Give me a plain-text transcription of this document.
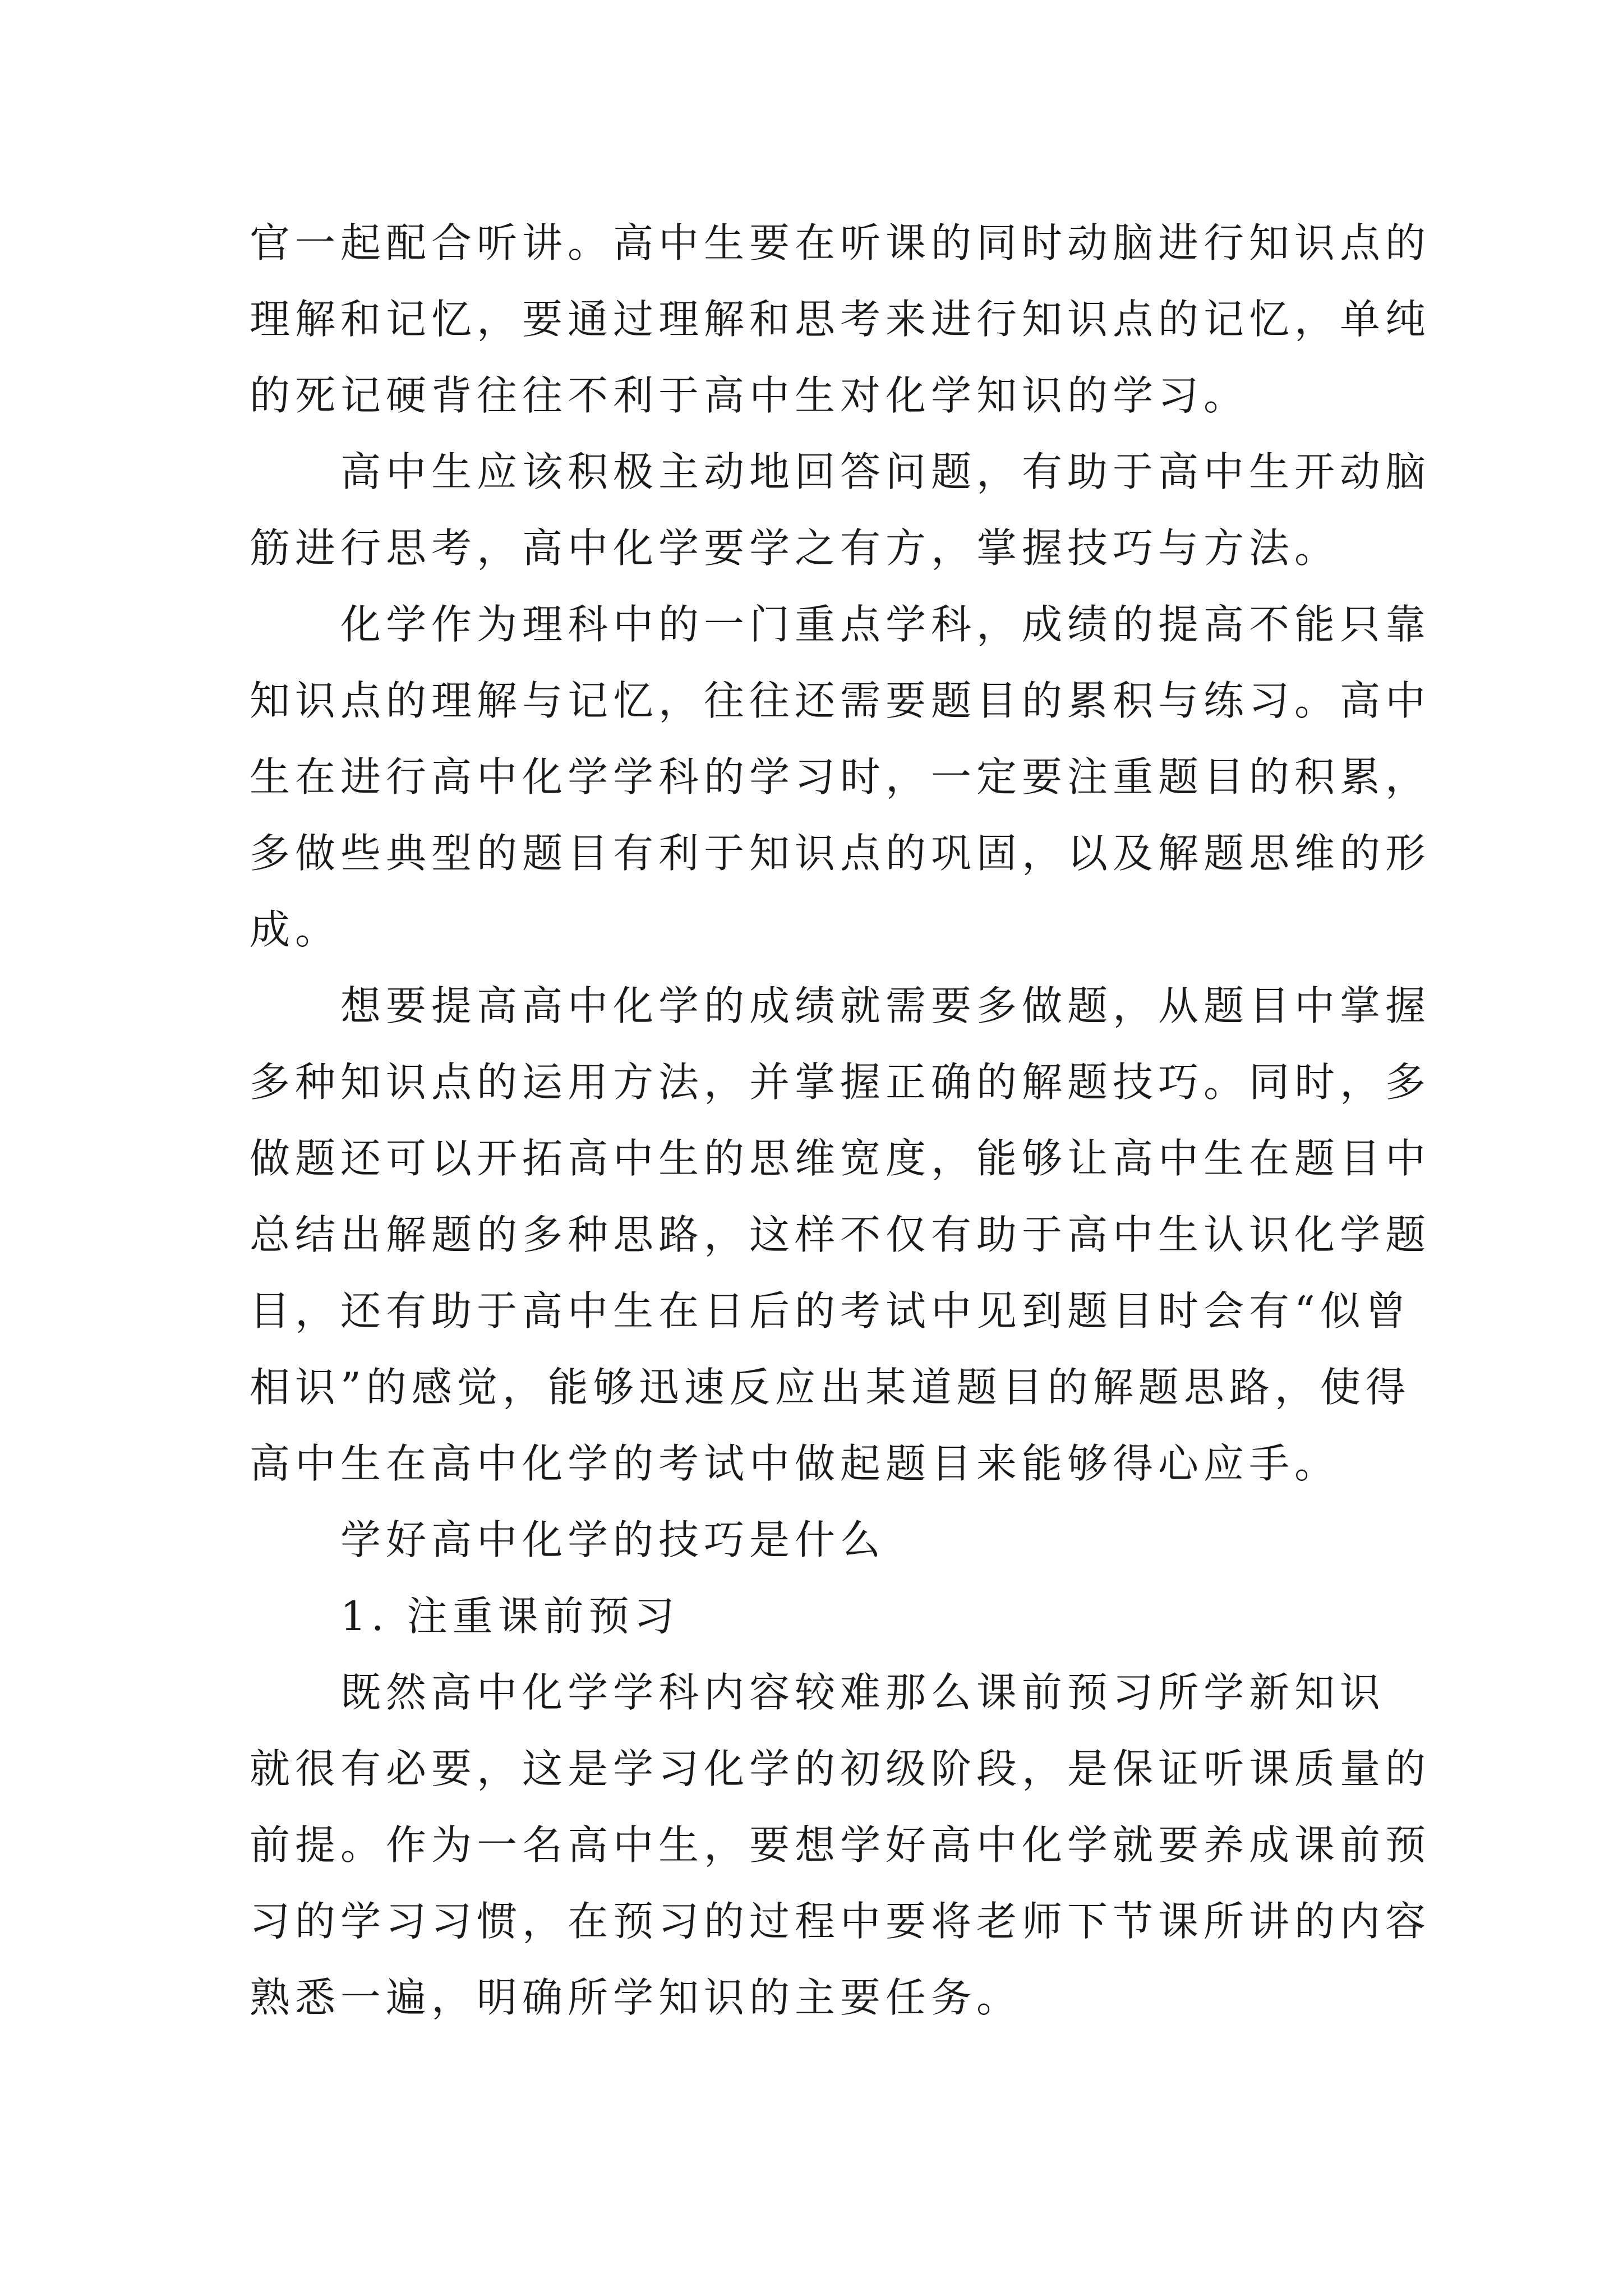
官一起配合听讲。高中生要在听课的同时动脑进行知识点的
理解和记忆，要通过理解和思考来进行知识点的记忆，单纯
的死记硬背往往不利于高中生对化学知识的学习。
高中生应该积极主动地回答问题，有助于高中生开动脑
筋进行思考，高中化学要学之有方，掌握技巧与方法。
化学作为理科中的一门重点学科，成绩的提高不能只靠
知识点的理解与记忆，往往还需要题目的累积与练习。高中
生在进行高中化学学科的学习时，一定要注重题目的积累，
多做些典型的题目有利于知识点的巩固，以及解题思维的形
成。
想要提高高中化学的成绩就需要多做题，从题目中掌握
多种知识点的运用方法，并掌握正确的解题技巧。同时，多
做题还可以开拓高中生的思维宽度，能够让高中生在题目中
总结出解题的多种思路，这样不仅有助于高中生认识化学题
目，还有助于高中生在日后的考试中见到题目时会有“似曾
相识”的感觉，能够迅速反应出某道题目的解题思路，使得
高中生在高中化学的考试中做起题目来能够得心应手。
学好高中化学的技巧是什么
1. 注重课前预习
既然高中化学学科内容较难那么课前预习所学新知识
就很有必要，这是学习化学的初级阶段，是保证听课质量的
前提。作为一名高中生，要想学好高中化学就要养成课前预
习的学习习惯，在预习的过程中要将老师下节课所讲的内容
熟悉一遍，明确所学知识的主要任务。
